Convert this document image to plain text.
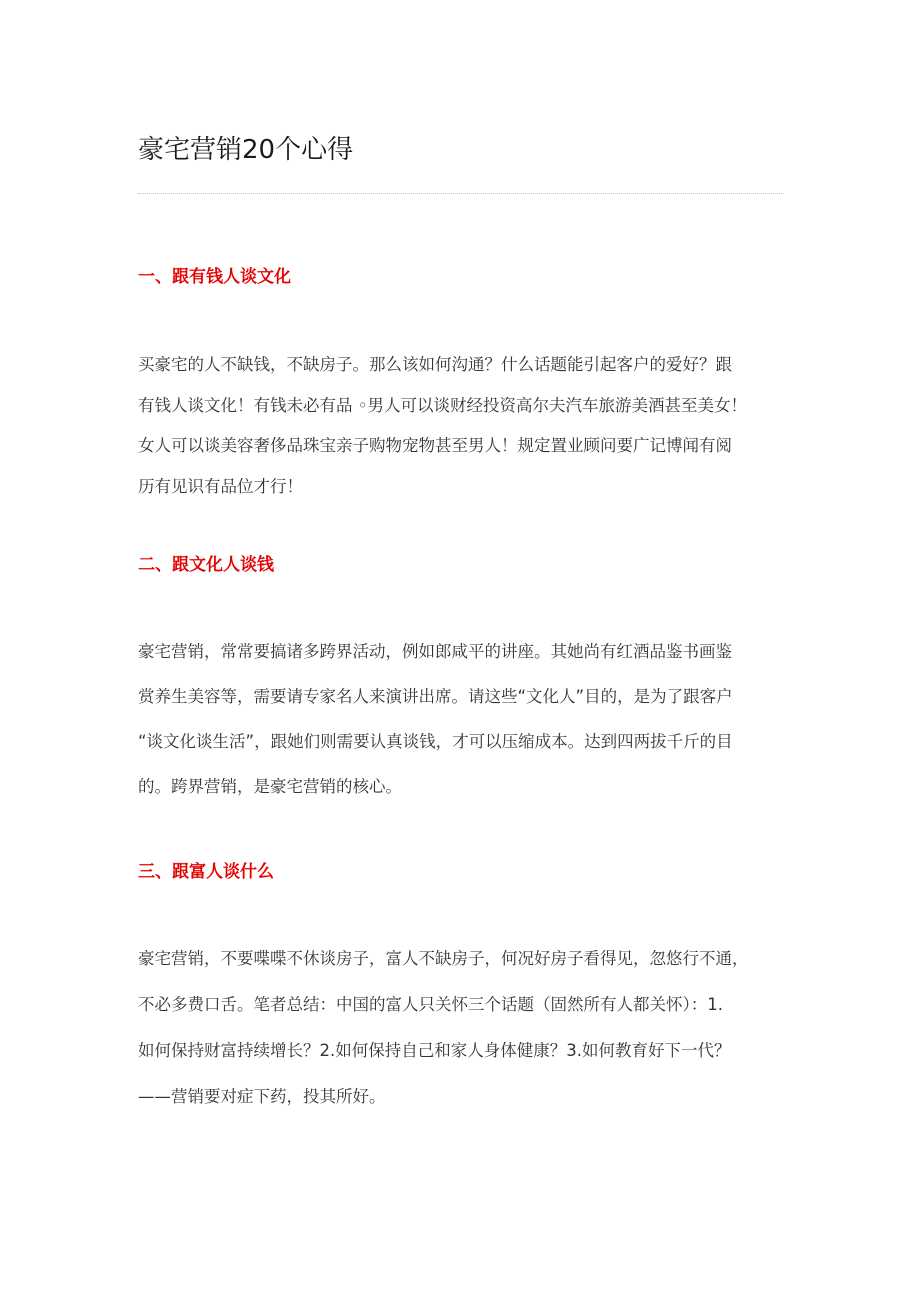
豪宅营销20个心得
一、跟有钱人谈文化
买豪宅的人不缺钱，不缺房子。那么该如何沟通？什么话题能引起客户的爱好？跟
有钱人谈文化！有钱未必有品 ◦男人可以谈财经投资高尔夫汽车旅游美酒甚至美女！
女人可以谈美容奢侈品珠宝亲子购物宠物甚至男人！规定置业顾问要广记博闻有阅
历有见识有品位才行！
二、跟文化人谈钱
豪宅营销，常常要搞诸多跨界活动，例如郎咸平的讲座。其她尚有红酒品鉴书画鉴
赏养生美容等，需要请专家名人来演讲出席。请这些“文化人”目的，是为了跟客户
“谈文化谈生活”，跟她们则需要认真谈钱，才可以压缩成本。达到四两拔千斤的目
的。跨界营销，是豪宅营销的核心。
三、跟富人谈什么
豪宅营销，不要喋喋不休谈房子，富人不缺房子，何况好房子看得见，忽悠行不通，
不必多费口舌。笔者总结：中国的富人只关怀三个话题（固然所有人都关怀）：1.
如何保持财富持续增长？2.如何保持自己和家人身体健康？3.如何教育好下一代？
——营销要对症下药，投其所好。
